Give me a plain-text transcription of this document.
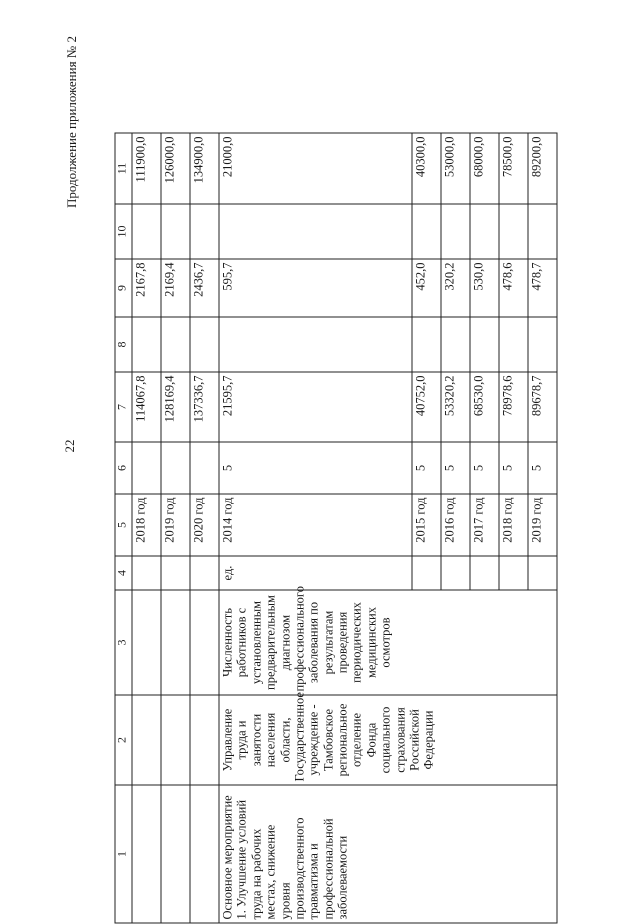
22
Продолжение приложения № 2
1	2	3	4	5	6	7	8	9	10	11
				2018 год		114067,8		2167,8		111900,0
				2019 год		128169,4		2169,4		126000,0
				2020 год		137336,7		2436,7		134900,0
Основное мероприятие 1. Улучшение условий труда на рабочих местах, снижение уровня производственного травматизма и профессиональной заболеваемости	Управление труда и занятости населения области, Государственное учреждение - Тамбовское региональное отделение Фонда социального страхования Российской Федерации	Численность работников с установленным предварительным диагнозом профессионального заболевания по результатам проведения периодических медицинских осмотров	ед.	2014 год	5	21595,7		595,7		21000,0
				2015 год	5	40752,0		452,0		40300,0
				2016 год	5	53320,2		320,2		53000,0
				2017 год	5	68530,0		530,0		68000,0
				2018 год	5	78978,6		478,6		78500,0
				2019 год	5	89678,7		478,7		89200,0
